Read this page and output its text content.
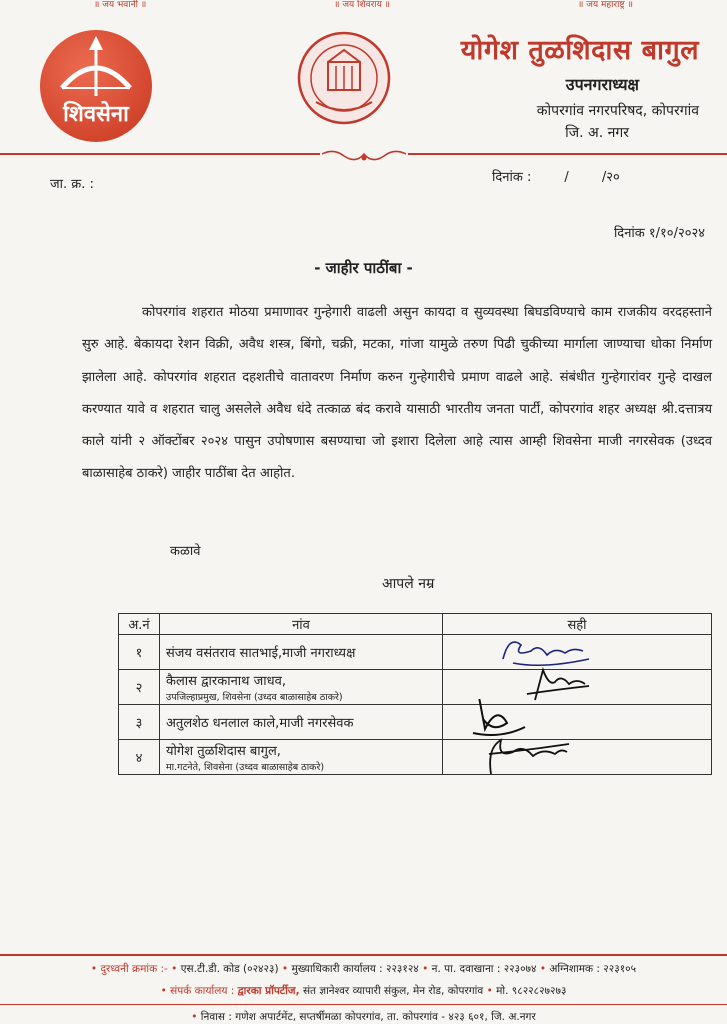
॥ जय भवानी ॥	॥ जय शिवराय ॥	॥ जय महाराष्ट्र ॥
शिवसेना
योगेश तुळशिदास बागुल
उपनगराध्यक्ष
कोपरगांव नगरपरिषद, कोपरगांव
जि. अ. नगर
जा. क्र. :	दिनांक :        /        /२०
दिनांक १/१०/२०२४
- जाहीर पाठींबा -

कोपरगांव शहरात मोठया प्रमाणावर गुन्हेगारी वाढली असुन कायदा व सुव्यवस्था बिघडविण्याचे काम राजकीय वरदहस्ताने सुरु आहे. बेकायदा रेशन विक्री, अवैध शस्त्र, बिंगो, चक्री, मटका, गांजा यामुळे तरुण पिढी चुकीच्या मार्गाला जाण्याचा धोका निर्माण झालेला आहे. कोपरगांव शहरात दहशतीचे वातावरण निर्माण करुन गुन्हेगारीचे प्रमाण वाढले आहे. संबंधीत गुन्हेगारांवर गुन्हे दाखल करण्यात यावे व शहरात चालु असलेले अवैध धंदे तत्काळ बंद करावे यासाठी भारतीय जनता पार्टी, कोपरगांव शहर अध्यक्ष श्री.दत्तात्रय काले यांनी २ ऑक्टोंबर २०२४ पासुन उपोषणास बसण्याचा जो इशारा दिलेला आहे त्यास आम्ही शिवसेना माजी नगरसेवक (उध्दव बाळासाहेब ठाकरे) जाहीर पाठींबा देत आहोत.

कळावे
आपले नम्र
अ.नं	नांव	सही
१	संजय वसंतराव सातभाई,माजी नगराध्यक्ष	

२	कैलास द्वारकानाथ जाधव,
उपजिल्हाप्रमुख, शिवसेना (उध्दव बाळासाहेब ठाकरे)

३	अतुलशेठ धनलाल काले,माजी नगरसेवक	

४	योगेश तुळशिदास बागुल,
मा.गटनेते, शिवसेना (उध्दव बाळासाहेब ठाकरे)

• दुरध्वनी क्रमांक :- • एस.टी.डी. कोड (०२४२३) • मुख्याधिकारी कार्यालय : २२३१२४ • न. पा. दवाखाना : २२३०७४ • अग्निशामक : २२३१०५
• संपर्क कार्यालय : द्वारका प्रॉपर्टीज, संत ज्ञानेश्वर व्यापारी संकुल, मेन रोड, कोपरगांव • मो. ९८२२८२७२७३
• निवास : गणेश अपार्टमेंट, सप्तर्षीमळा कोपरगांव, ता. कोपरगांव - ४२३ ६०१, जि. अ.नगर
